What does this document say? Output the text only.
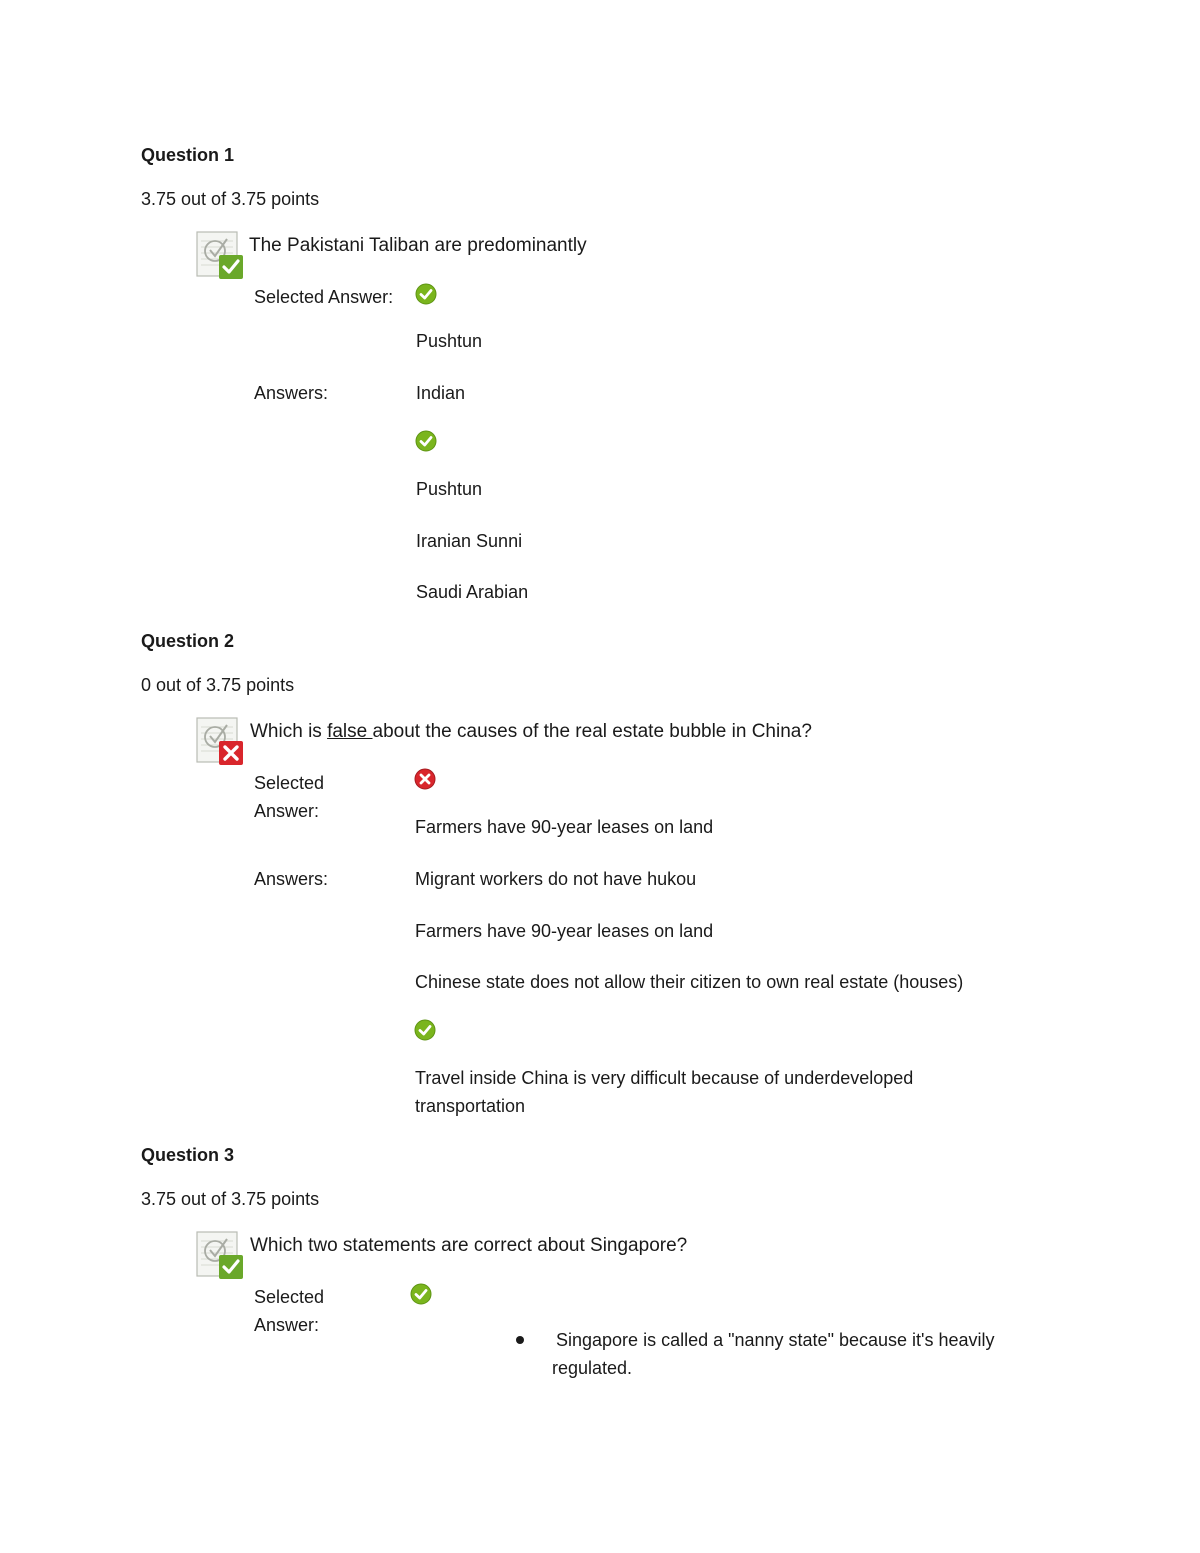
Question 1
3.75 out of 3.75 points
The Pakistani Taliban are predominantly
Selected Answer:
Pushtun
Answers:	Indian
Pushtun
Iranian Sunni
Saudi Arabian
Question 2
0 out of 3.75 points
Which is false about the causes of the real estate bubble in China?
Selected
Answer:
Farmers have 90-year leases on land
Answers:	Migrant workers do not have hukou
Farmers have 90-year leases on land
Chinese state does not allow their citizen to own real estate (houses)
Travel inside China is very difficult because of underdeveloped transportation
Question 3
3.75 out of 3.75 points
Which two statements are correct about Singapore?
Selected
Answer:
Singapore is called a "nanny state" because it's heavily regulated.
